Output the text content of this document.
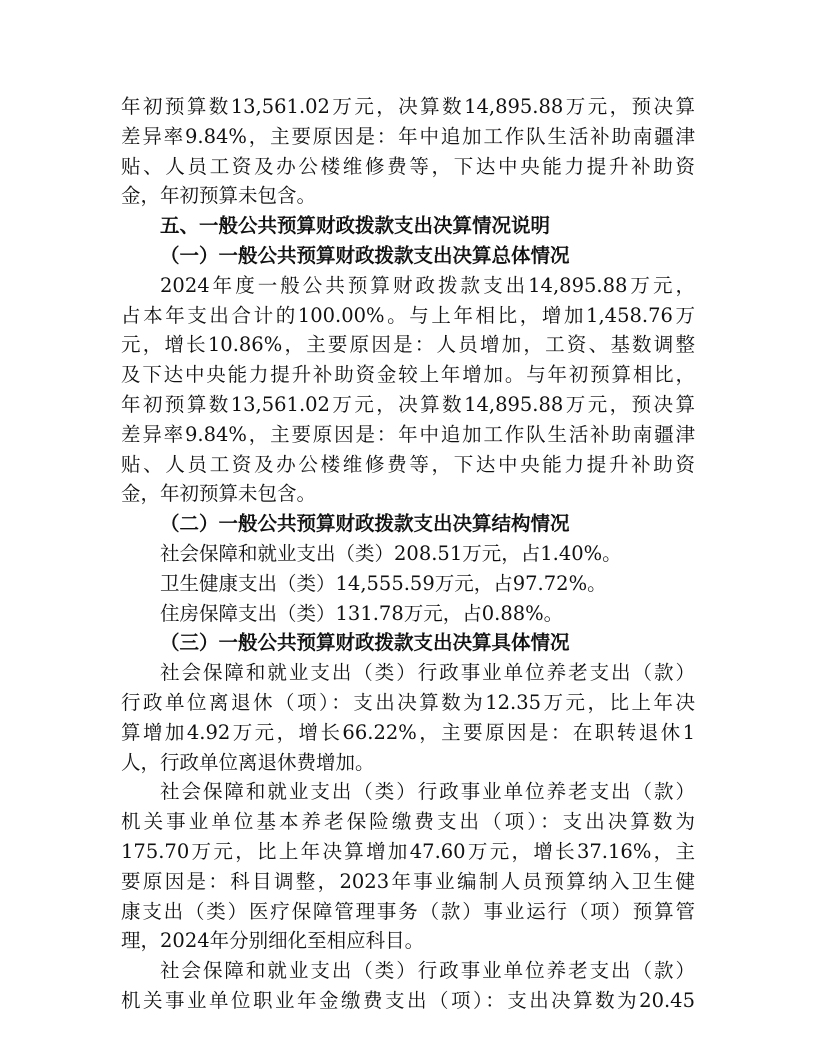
年初预算数13,561.02万元，决算数14,895.88万元，预决算
差异率9.84%，主要原因是：年中追加工作队生活补助南疆津
贴、人员工资及办公楼维修费等，下达中央能力提升补助资
金，年初预算未包含。
五、一般公共预算财政拨款支出决算情况说明
（一）一般公共预算财政拨款支出决算总体情况
2024年度一般公共预算财政拨款支出14,895.88万元，
占本年支出合计的100.00%。与上年相比，增加1,458.76万
元，增长10.86%，主要原因是：人员增加，工资、基数调整
及下达中央能力提升补助资金较上年增加。与年初预算相比，
年初预算数13,561.02万元，决算数14,895.88万元，预决算
差异率9.84%，主要原因是：年中追加工作队生活补助南疆津
贴、人员工资及办公楼维修费等，下达中央能力提升补助资
金，年初预算未包含。
（二）一般公共预算财政拨款支出决算结构情况
社会保障和就业支出（类）208.51万元，占1.40%。
卫生健康支出（类）14,555.59万元，占97.72%。
住房保障支出（类）131.78万元，占0.88%。
（三）一般公共预算财政拨款支出决算具体情况
社会保障和就业支出（类）行政事业单位养老支出（款）
行政单位离退休（项）：支出决算数为12.35万元，比上年决
算增加4.92万元，增长66.22%，主要原因是：在职转退休1
人，行政单位离退休费增加。
社会保障和就业支出（类）行政事业单位养老支出（款）
机关事业单位基本养老保险缴费支出（项）：支出决算数为
175.70万元，比上年决算增加47.60万元，增长37.16%，主
要原因是：科目调整，2023年事业编制人员预算纳入卫生健
康支出（类）医疗保障管理事务（款）事业运行（项）预算管
理，2024年分别细化至相应科目。
社会保障和就业支出（类）行政事业单位养老支出（款）
机关事业单位职业年金缴费支出（项）：支出决算数为20.45
